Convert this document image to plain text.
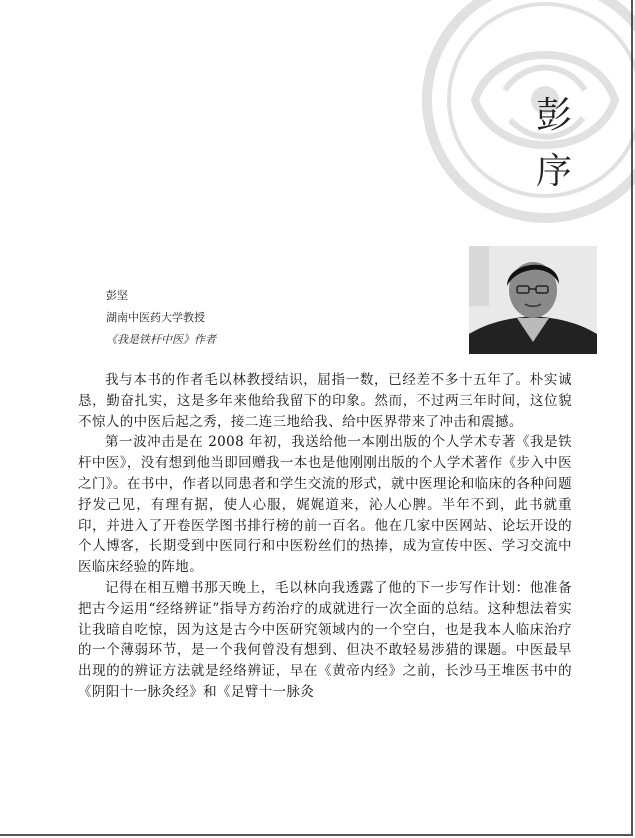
彭
序
彭坚
湖南中医药大学教授
《我是铁杆中医》作者

我与本书的作者毛以林教授结识，屈指一数，已经差不多十五年了。朴实诚恳，勤奋扎实，这是多年来他给我留下的印象。然而，不过两三年时间，这位貌不惊人的中医后起之秀，接二连三地给我、给中医界带来了冲击和震撼。

第一波冲击是在 2008 年初，我送给他一本刚出版的个人学术专著《我是铁杆中医》，没有想到他当即回赠我一本也是他刚刚出版的个人学术著作《步入中医之门》。在书中，作者以同患者和学生交流的形式，就中医理论和临床的各种问题抒发己见，有理有据，使人心服，娓娓道来，沁人心脾。半年不到，此书就重印，并进入了开卷医学图书排行榜的前一百名。他在几家中医网站、论坛开设的个人博客，长期受到中医同行和中医粉丝们的热捧，成为宣传中医、学习交流中医临床经验的阵地。

记得在相互赠书那天晚上，毛以林向我透露了他的下一步写作计划：他准备把古今运用“经络辨证”指导方药治疗的成就进行一次全面的总结。这种想法着实让我暗自吃惊，因为这是古今中医研究领域内的一个空白，也是我本人临床治疗的一个薄弱环节，是一个我何曾没有想到、但决不敢轻易涉猎的课题。中医最早出现的的辨证方法就是经络辨证，早在《黄帝内经》之前，长沙马王堆医书中的《阴阳十一脉灸经》和《足臂十一脉灸
